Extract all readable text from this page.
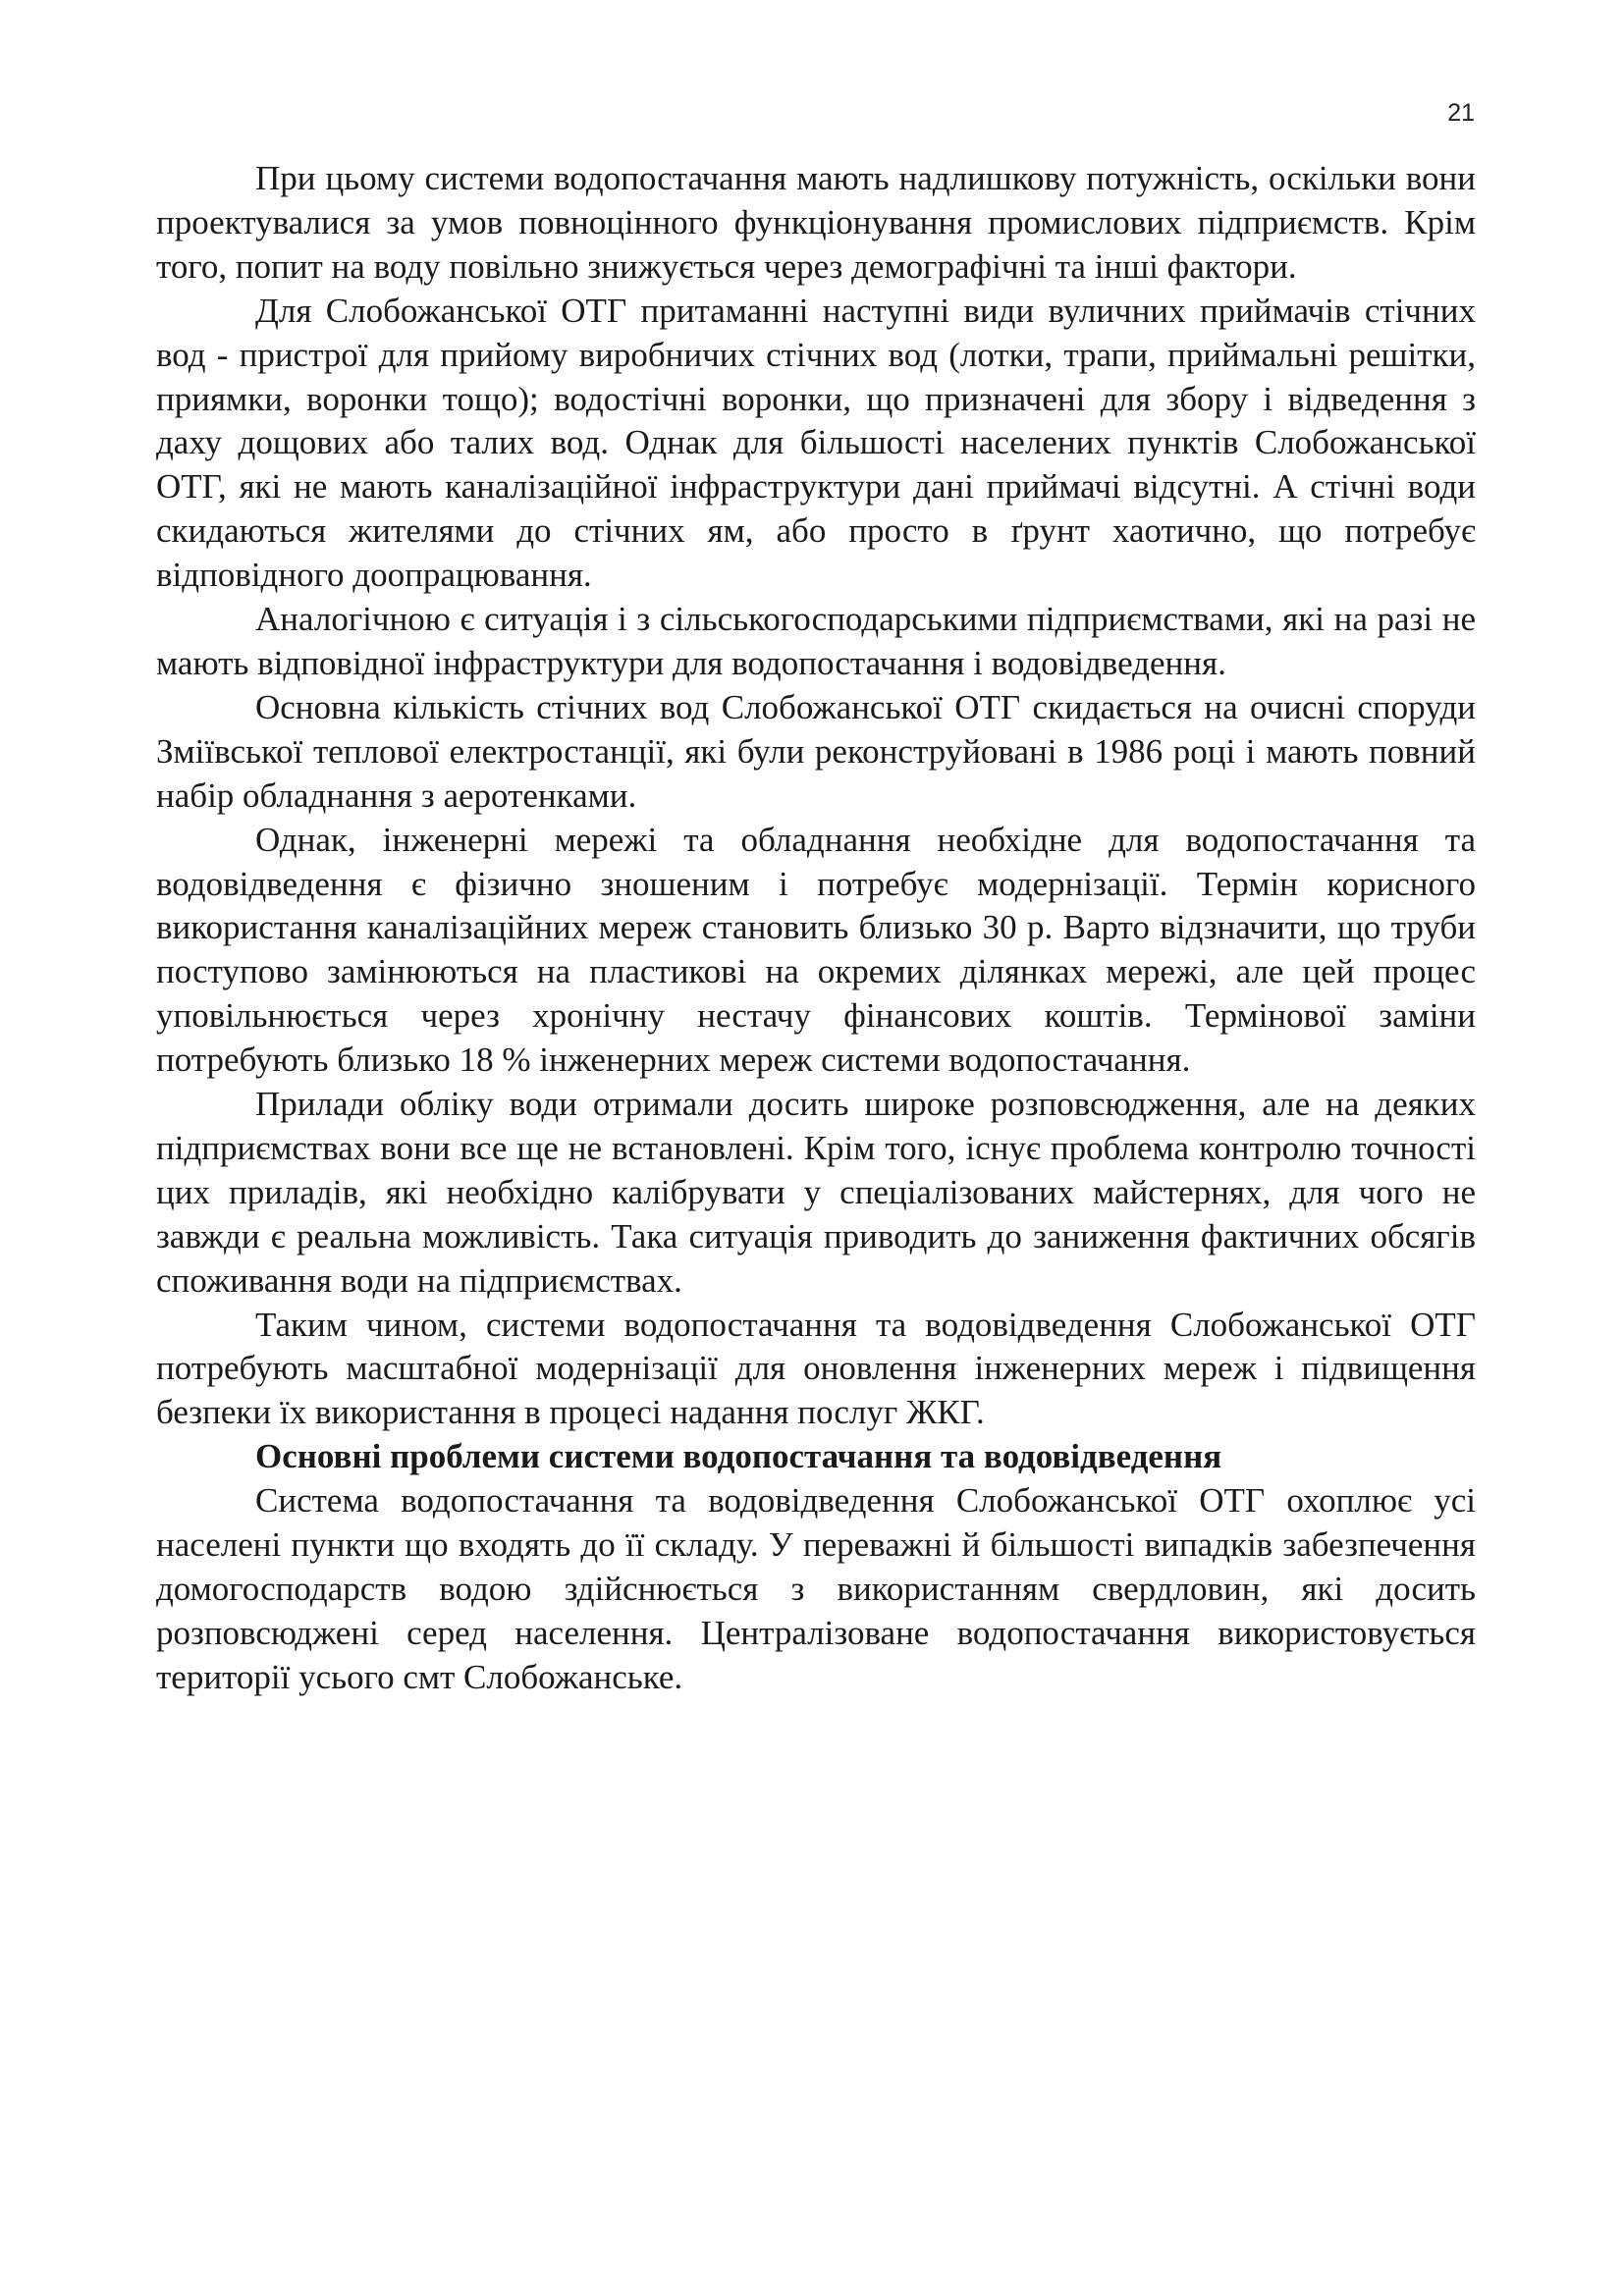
21

При цьому системи водопостачання мають надлишкову потужність, оскільки вони проектувалися за умов повноцінного функціонування промислових підприємств. Крім того, попит на воду повільно знижується через демографічні та інші фактори.

Для Слобожанської ОТГ притаманні наступні види вуличних приймачів стічних вод - пристрої для прийому виробничих стічних вод (лотки, трапи, приймальні решітки, приямки, воронки тощо); водостічні воронки, що призначені для збору і відведення з даху дощових або талих вод. Однак для більшості населених пунктів Слобожанської ОТГ, які не мають каналізаційної інфраструктури дані приймачі відсутні. А стічні води скидаються жителями до стічних ям, або просто в ґрунт хаотично, що потребує відповідного доопрацювання.

Аналогічною є ситуація і з сільськогосподарськими підприємствами, які на разі не мають відповідної інфраструктури для водопостачання і водовідведення.

Основна кількість стічних вод Слобожанської ОТГ скидається на очисні споруди Зміївської теплової електростанції, які були реконструйовані в 1986 році і мають повний набір обладнання з аеротенками.

Однак, інженерні мережі та обладнання необхідне для водопостачання та водовідведення є фізично зношеним і потребує модернізації. Термін корисного використання каналізаційних мереж становить близько 30 р. Варто відзначити, що труби поступово замінюються на пластикові на окремих ділянках мережі, але цей процес уповільнюється через хронічну нестачу фінансових коштів. Термінової заміни потребують близько 18 % інженерних мереж системи водопостачання.

Прилади обліку води отримали досить широке розповсюдження, але на деяких підприємствах вони все ще не встановлені. Крім того, існує проблема контролю точності цих приладів, які необхідно калібрувати у спеціалізованих майстернях, для чого не завжди є реальна можливість. Така ситуація приводить до заниження фактичних обсягів споживання води на підприємствах.

Таким чином, системи водопостачання та водовідведення Слобожанської ОТГ потребують масштабної модернізації для оновлення інженерних мереж і підвищення безпеки їх використання в процесі надання послуг ЖКГ.

Основні проблеми системи водопостачання та водовідведення

Система водопостачання та водовідведення Слобожанської ОТГ охоплює усі населені пункти що входять до її складу. У переважні й більшості випадків забезпечення домогосподарств водою здійснюється з використанням свердловин, які досить розповсюджені серед населення. Централізоване водопостачання використовується території усього смт Слобожанське.
